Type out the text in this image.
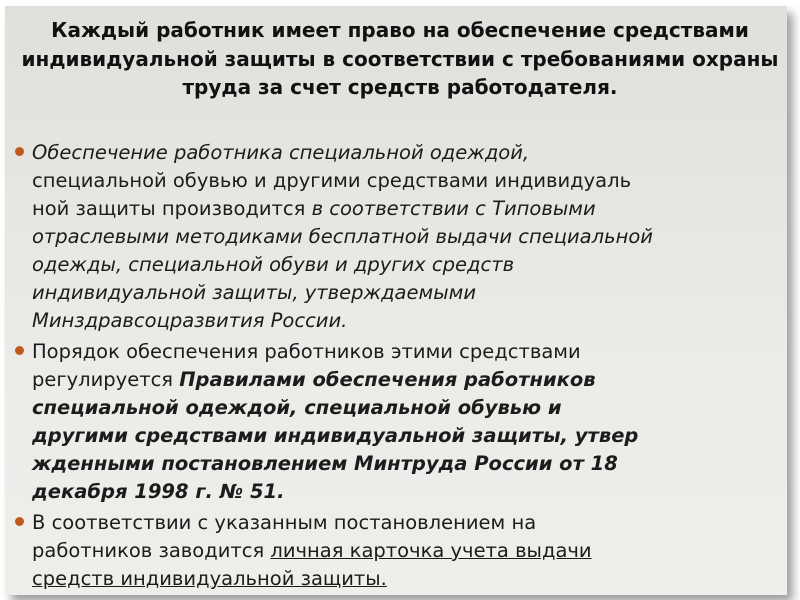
Каждый работник имеет право на обеспечение средствами индивидуальной защиты в соответствии с требованиями охраны труда за счет средств работодателя.
Обеспечение работника специальной одеждой,
специальной обувью и другими средствами индивидуаль
ной защиты производится в соответствии с Типовыми
отраслевыми методиками бесплатной выдачи специальной
одежды, специальной обуви и других средств
индивидуальной защиты, утверждаемыми
Минздравсоцразвития России.
Порядок обеспечения работников этими средствами
регулируется Правилами обеспечения работников
специальной одеждой, специальной обувью и
другими средствами индивидуальной защиты, утвер
жденными постановлением Минтруда России от 18
декабря 1998 г. № 51.
В соответствии с указанным постановлением на
работников заводится личная карточка учета выдачи
средств индивидуальной защиты.
